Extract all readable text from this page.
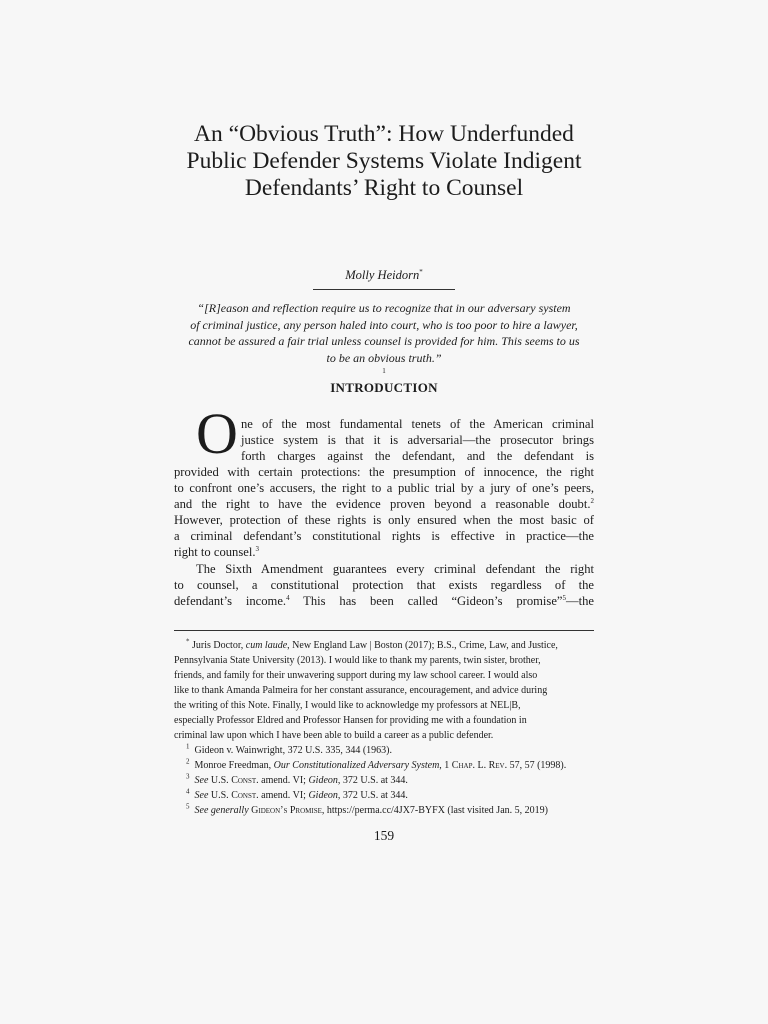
An “Obvious Truth”: How Underfunded
Public Defender Systems Violate Indigent
Defendants’ Right to Counsel
Molly Heidorn*
“[R]eason and reflection require us to recognize that in our adversary system
of criminal justice, any person haled into court, who is too poor to hire a lawyer,
cannot be assured a fair trial unless counsel is provided for him. This seems to us
to be an obvious truth.”
$^1$
INTRODUCTION
O ne of the most fundamental tenets of the American criminal
justice system is that it is adversarial—the prosecutor brings
forth charges against the defendant, and the defendant is
provided with certain protections: the presumption of innocence, the right
to confront one’s accusers, the right to a public trial by a jury of one’s peers,
and the right to have the evidence proven beyond a reasonable doubt.$^2$
However, protection of these rights is only ensured when the most basic of
a criminal defendant’s constitutional rights is effective in practice—the
right to counsel.$^3$
The Sixth Amendment guarantees every criminal defendant the right
to counsel, a constitutional protection that exists regardless of the
defendant’s income.$^4$ This has been called “Gideon’s promise”$^5$—the
* Juris Doctor, cum laude, New England Law | Boston (2017); B.S., Crime, Law, and Justice,
Pennsylvania State University (2013). I would like to thank my parents, twin sister, brother,
friends, and family for their unwavering support during my law school career. I would also
like to thank Amanda Palmeira for her constant assurance, encouragement, and advice during
the writing of this Note. Finally, I would like to acknowledge my professors at NEL|B,
especially Professor Eldred and Professor Hansen for providing me with a foundation in
criminal law upon which I have been able to build a career as a public defender.
$^1$ Gideon v. Wainwright, 372 U.S. 335, 344 (1963).
$^2$ Monroe Freedman, Our Constitutionalized Adversary System, 1 Chap. L. Rev. 57, 57 (1998).
$^3$ See U.S. Const. amend. VI; Gideon, 372 U.S. at 344.
$^4$ See U.S. Const. amend. VI; Gideon, 372 U.S. at 344.
$^5$ See generally Gideon’s Promise, https://perma.cc/4JX7-BYFX (last visited Jan. 5, 2019)
159
